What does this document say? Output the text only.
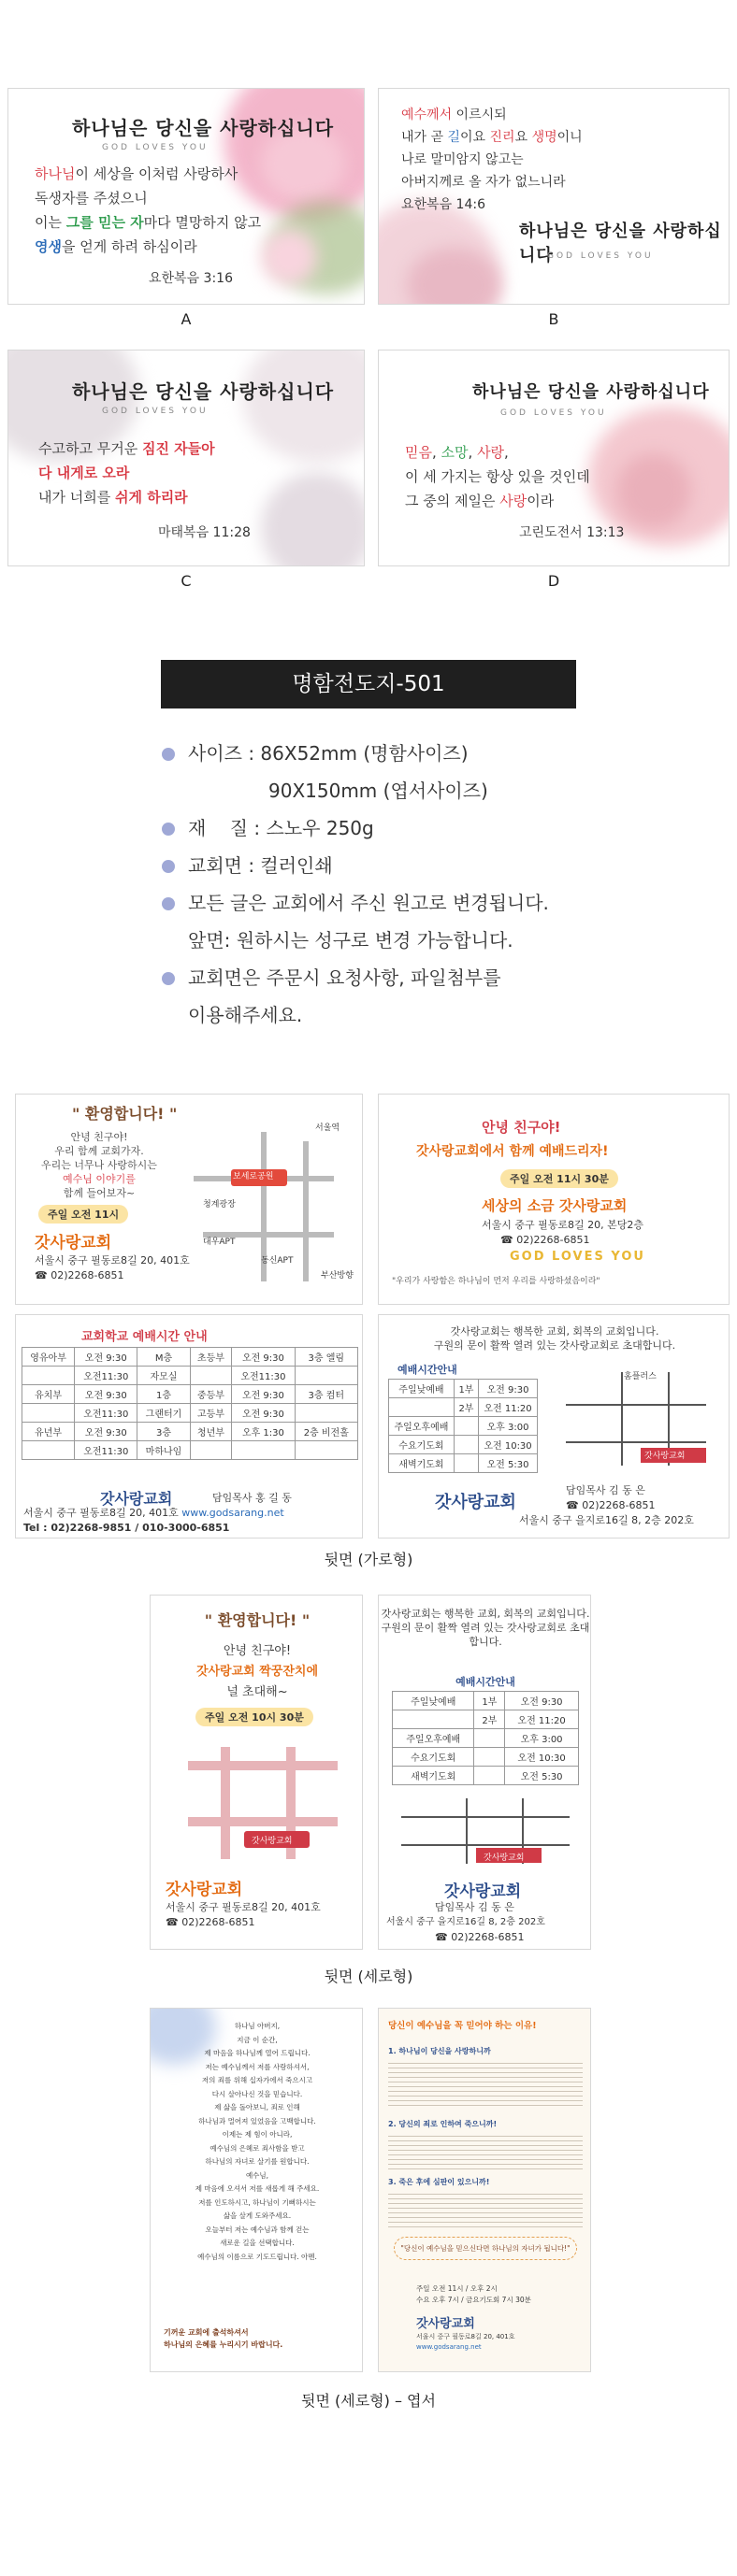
하나님은 당신을 사랑하십니다
GOD LOVES YOU
하나님이 세상을 이처럼 사랑하사
독생자를 주셨으니
이는 그를 믿는 자마다 멸망하지 않고
영생을 얻게 하려 하심이라
요한복음 3:16
A
예수께서 이르시되
내가 곧 길이요 진리요 생명이니
나로 말미암지 않고는
아버지께로 올 자가 없느니라
요한복음 14:6
하나님은 당신을 사랑하십니다
GOD LOVES YOU
B
하나님은 당신을 사랑하십니다
GOD LOVES YOU
수고하고 무거운 짐진 자들아
다 내게로 오라
내가 너희를 쉬게 하리라
마태복음 11:28
C
하나님은 당신을 사랑하십니다
GOD LOVES YOU
믿음, 소망, 사랑,
이 세 가지는 항상 있을 것인데
그 중의 제일은 사랑이라
고린도전서 13:13
D
명함전도지-501
사이즈 : 86X52mm (명함사이즈)
90X150mm (엽서사이즈)
재    질 : 스노우 250g
교회면 : 컬러인쇄
모든 글은 교회에서 주신 원고로 변경됩니다.
앞면: 원하시는 성구로 변경 가능합니다.
교회면은 주문시 요청사항, 파일첨부를
이용해주세요.
" 환영합니다! "
안녕 친구야!
우리 함께 교회가자.
우리는 너무나 사랑하시는
예수님 이야기를
함께 들어보자~
주일 오전 11시
갓사랑교회
서울시 중구 필동로8길 20, 401호
☎ 02)2268-6851
보세로공원
서울역
청계광장
동신APT
대우APT
부산방향
안녕 친구야!
갓사랑교회에서 함께 예배드리자!
주일 오전 11시 30분
세상의 소금 갓사랑교회
서울시 중구 필동로8길 20, 본당2층
☎ 02)2268-6851
GOD LOVES YOU
"우리가 사랑함은 하나님이 먼저 우리를 사랑하셨음이라"
교회학교 예배시간 안내
영유아부	오전 9:30	M층	초등부	오전 9:30	3층 엘림
	오전11:30	자모실		오전11:30	
유치부	오전 9:30	1층	중등부	오전 9:30	3층 컴터
	오전11:30	그랜터기	고등부	오전 9:30	
유년부	오전 9:30	3층	청년부	오후 1:30	2층 비전홀
	오전11:30	마하나임			
갓사랑교회	담임목사 홍 길 동
서울시 중구 필동로8길 20, 401호 www.godsarang.net
Tel : 02)2268-9851 / 010-3000-6851
갓사랑교회는 행복한 교회, 회복의 교회입니다.
구원의 문이 활짝 열려 있는 갓사랑교회로 초대합니다.
예배시간안내
주일낮예배	1부	오전 9:30
	2부	오전 11:20
주일오후예배		오후 3:00
수요기도회		오전 10:30
새벽기도회		오전 5:30
갓사랑교회
홈플러스
갓사랑교회
담임목사 김 동 은
☎ 02)2268-6851
서울시 중구 을지로16길 8, 2층 202호
뒷면 (가로형)
" 환영합니다! "
안녕 친구야!
갓사랑교회 짝꿍잔치에
널 초대해~
주일 오전 10시 30분
갓사랑교회
갓사랑교회
서울시 중구 필동로8길 20, 401호
☎ 02)2268-6851
갓사랑교회는 행복한 교회, 회복의 교회입니다.
구원의 문이 활짝 열려 있는 갓사랑교회로 초대합니다.
예배시간안내
주일낮예배	1부	오전 9:30
	2부	오전 11:20
주일오후예배		오후 3:00
수요기도회		오전 10:30
새벽기도회		오전 5:30
갓사랑교회
갓사랑교회
담임목사 김 동 은
서울시 중구 을지로16길 8, 2층 202호
☎ 02)2268-6851
뒷면 (세로형)
하나님 아버지,
지금 이 순간,
제 마음을 하나님께 열어 드립니다.
저는 예수님께서 저를 사랑하셔서,
저의 죄를 위해 십자가에서 죽으시고
다시 살아나신 것을 믿습니다.
제 삶을 돌아보니, 죄로 인해
하나님과 멀어져 있었음을 고백합니다.
이제는 제 힘이 아니라,
예수님의 은혜로 죄사함을 받고
하나님의 자녀로 살기를 원합니다.
예수님,
제 마음에 오셔서 저를 새롭게 해 주세요.
저를 인도하시고, 하나님이 기뻐하시는
삶을 살게 도와주세요.
오늘부터 저는 예수님과 함께 걷는
새로운 길을 선택합니다.
예수님의 이름으로 기도드립니다. 아멘.
기꺼운 교회에 출석하셔서
하나님의 은혜를 누리시기 바랍니다.
당신이 예수님을 꼭 믿어야 하는 이유!
1. 하나님이 당신을 사랑하니까
2. 당신의 죄로 인하여 죽으니까!
3. 죽은 후에 심판이 있으니까!
"당신이 예수님을 믿으신다면 하나님의 자녀가 됩니다!"
주일 오전 11시 / 오후 2시
수요 오후 7시 / 금요기도회 7시 30분
갓사랑교회
서울시 중구 필동로8길 20, 401호
www.godsarang.net
뒷면 (세로형) – 엽서
